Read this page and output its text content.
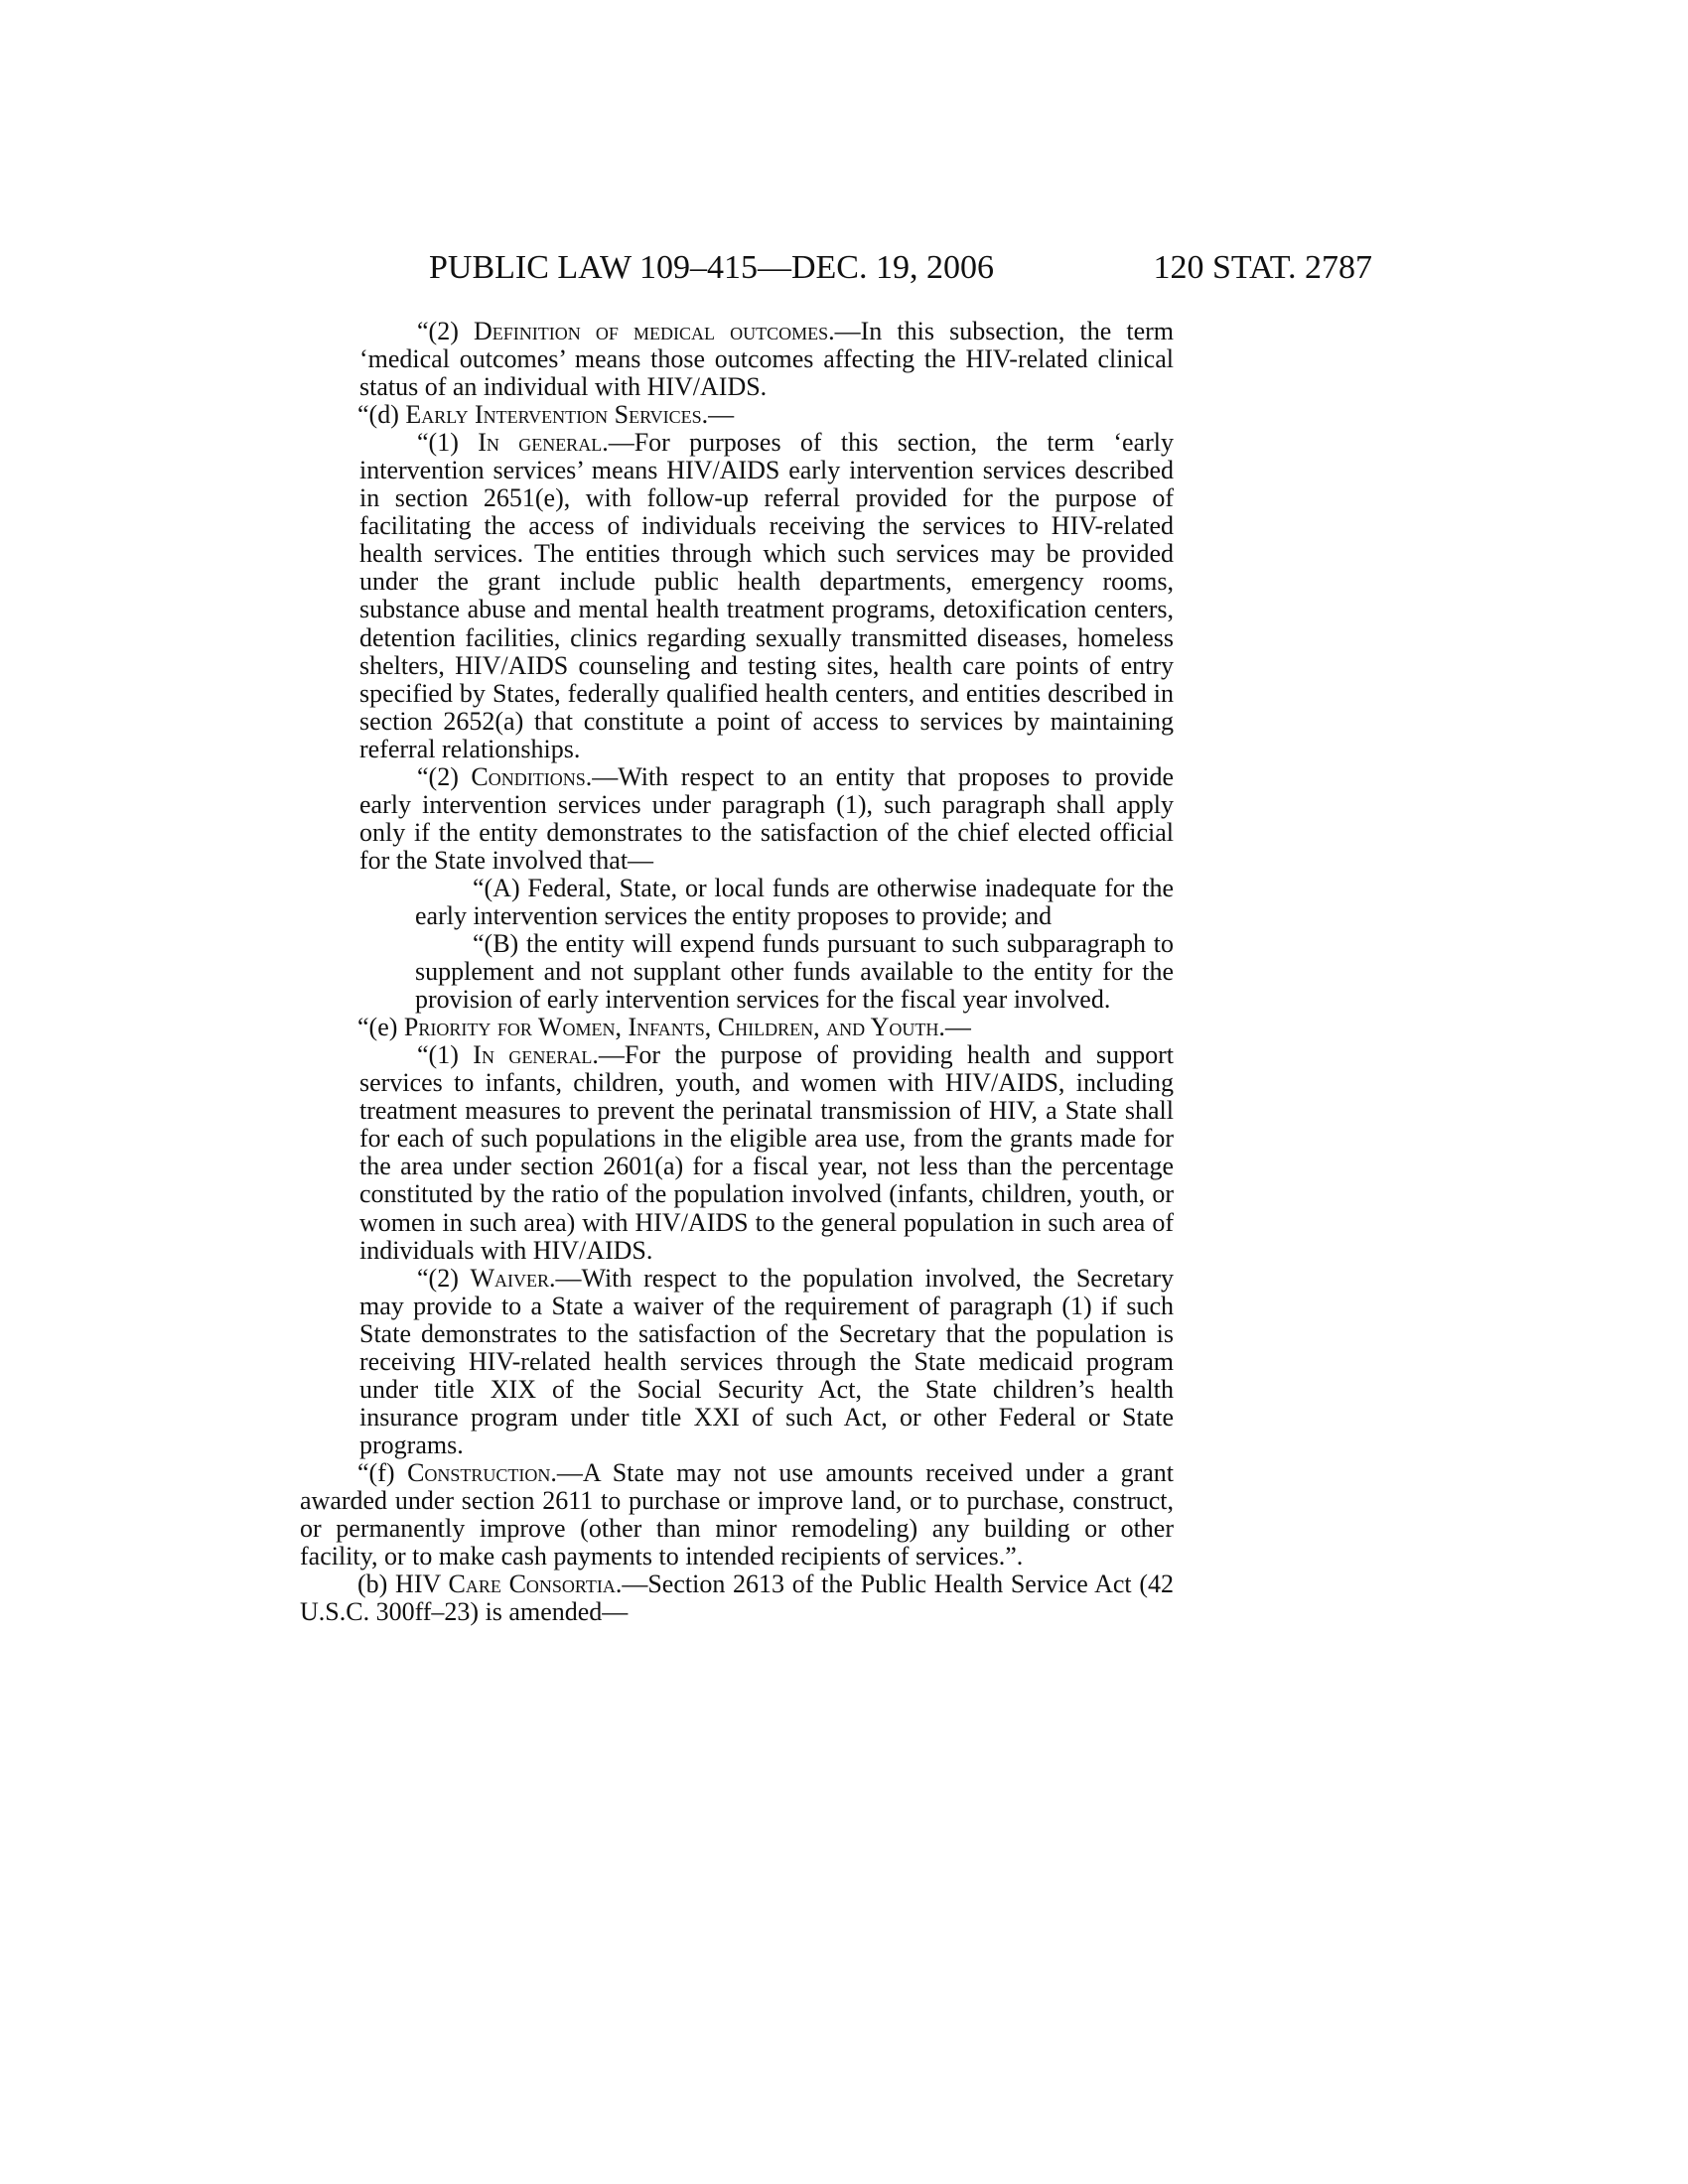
PUBLIC LAW 109–415—DEC. 19, 2006	120 STAT. 2787

“(2) Definition of medical outcomes.—In this subsection, the term ‘medical outcomes’ means those outcomes affecting the HIV-related clinical status of an individual with HIV/AIDS.

“(d) Early Intervention Services.—

“(1) In general.—For purposes of this section, the term ‘early intervention services’ means HIV/AIDS early intervention services described in section 2651(e), with follow-up referral provided for the purpose of facilitating the access of individuals receiving the services to HIV-related health services. The entities through which such services may be provided under the grant include public health departments, emergency rooms, substance abuse and mental health treatment programs, detoxification centers, detention facilities, clinics regarding sexually transmitted diseases, homeless shelters, HIV/AIDS counseling and testing sites, health care points of entry specified by States, federally qualified health centers, and entities described in section 2652(a) that constitute a point of access to services by maintaining referral relationships.

“(2) Conditions.—With respect to an entity that proposes to provide early intervention services under paragraph (1), such paragraph shall apply only if the entity demonstrates to the satisfaction of the chief elected official for the State involved that—

“(A) Federal, State, or local funds are otherwise inadequate for the early intervention services the entity proposes to provide; and

“(B) the entity will expend funds pursuant to such subparagraph to supplement and not supplant other funds available to the entity for the provision of early intervention services for the fiscal year involved.

“(e) Priority for Women, Infants, Children, and Youth.—

“(1) In general.—For the purpose of providing health and support services to infants, children, youth, and women with HIV/AIDS, including treatment measures to prevent the perinatal transmission of HIV, a State shall for each of such populations in the eligible area use, from the grants made for the area under section 2601(a) for a fiscal year, not less than the percentage constituted by the ratio of the population involved (infants, children, youth, or women in such area) with HIV/AIDS to the general population in such area of individuals with HIV/AIDS.

“(2) Waiver.—With respect to the population involved, the Secretary may provide to a State a waiver of the requirement of paragraph (1) if such State demonstrates to the satisfaction of the Secretary that the population is receiving HIV-related health services through the State medicaid program under title XIX of the Social Security Act, the State children’s health insurance program under title XXI of such Act, or other Federal or State programs.

“(f) Construction.—A State may not use amounts received under a grant awarded under section 2611 to purchase or improve land, or to purchase, construct, or permanently improve (other than minor remodeling) any building or other facility, or to make cash payments to intended recipients of services.”.

(b) HIV Care Consortia.—Section 2613 of the Public Health Service Act (42 U.S.C. 300ff–23) is amended—
